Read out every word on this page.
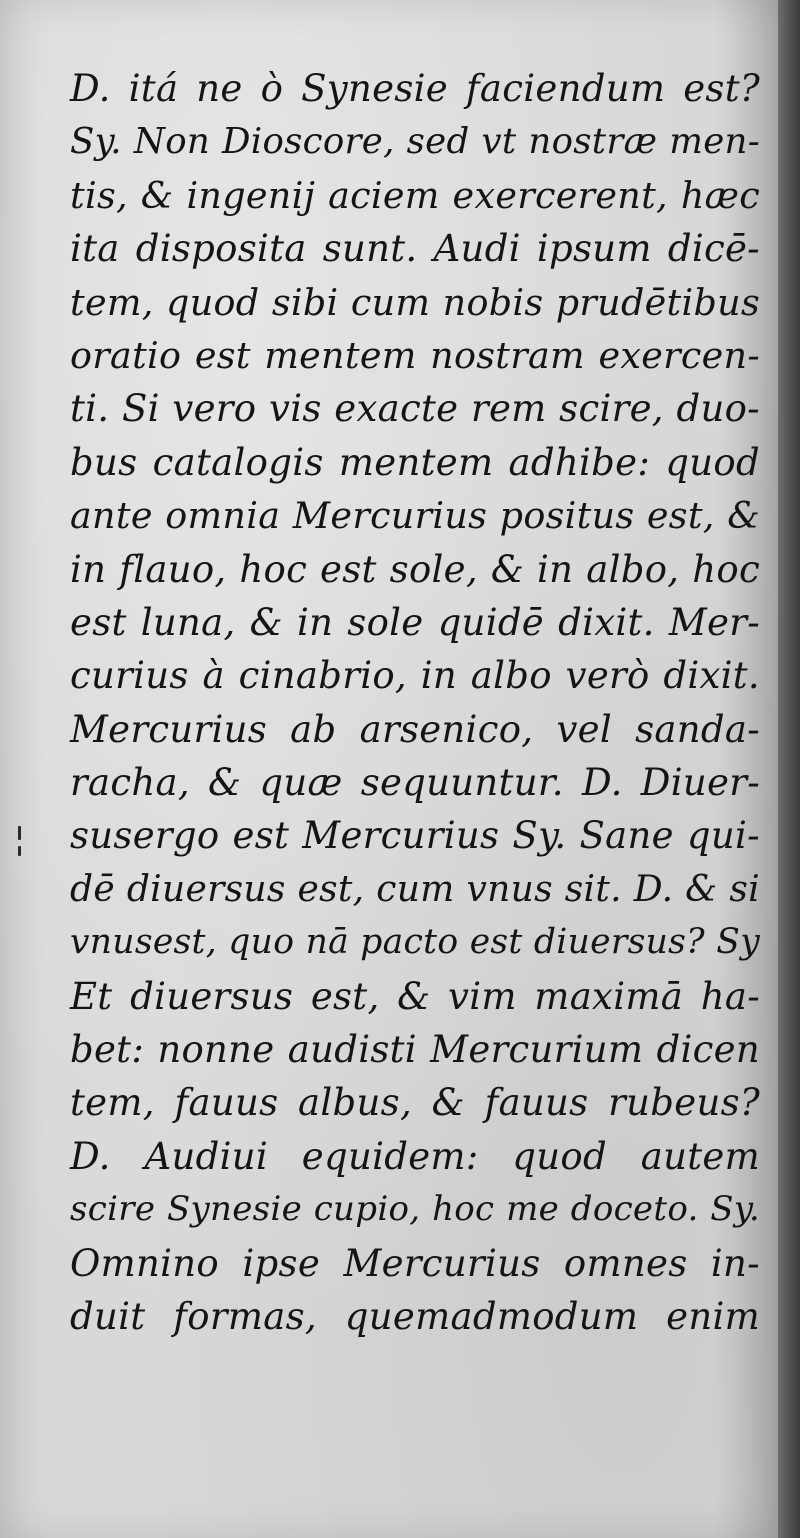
D. itá ne ò Synesie faciendum est?
Sy. Non Dioscore, sed vt nostræ men-
tis, & ingenij aciem exercerent, hæc
ita disposita sunt. Audi ipsum dicē-
tem, quod sibi cum nobis prudētibus
oratio est mentem nostram exercen-
ti. Si vero vis exacte rem scire, duo-
bus catalogis mentem adhibe: quod
ante omnia Mercurius positus est, &
in flauo, hoc est sole, & in albo, hoc
est luna, & in sole quidē dixit. Mer-
curius à cinabrio, in albo verò dixit.
Mercurius ab arsenico, vel sanda-
racha, & quæ sequuntur. D. Diuer-
susergo est Mercurius Sy. Sane qui-
dē diuersus est, cum vnus sit. D. & si
vnusest, quo nā pacto est diuersus? Sy
Et diuersus est, & vim maximā ha-
bet: nonne audisti Mercurium dicen
tem, fauus albus, & fauus rubeus?
D. Audiui equidem: quod autem
scire Synesie cupio, hoc me doceto. Sy.
Omnino ipse Mercurius omnes in-
duit formas, quemadmodum enim
